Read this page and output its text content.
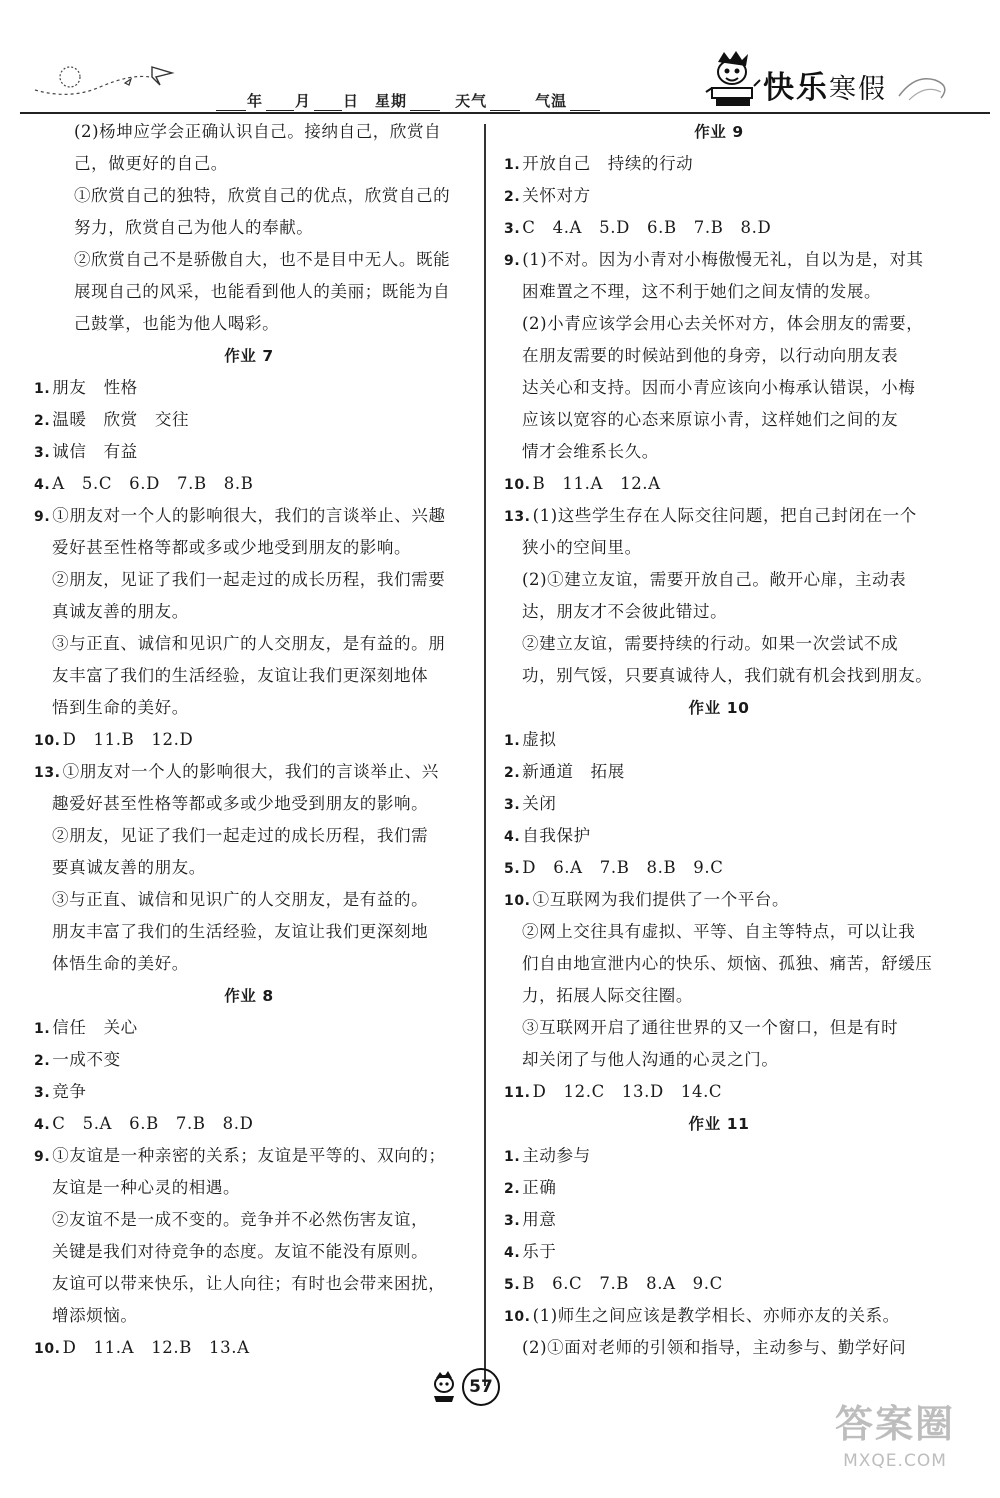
年 月 日 星期	天气	气温	快乐寒假
(2)杨坤应学会正确认识自己。接纳自己，欣赏自
己，做更好的自己。
①欣赏自己的独特，欣赏自己的优点，欣赏自己的
努力，欣赏自己为他人的奉献。
②欣赏自己不是骄傲自大，也不是目中无人。既能
展现自己的风采，也能看到他人的美丽；既能为自
己鼓掌，也能为他人喝彩。
作业 7
1. 朋友　性格
2. 温暖　欣赏　交往
3. 诚信　有益
4. A　5.C　6.D　7.B　8.B
9. ①朋友对一个人的影响很大，我们的言谈举止、兴趣
爱好甚至性格等都或多或少地受到朋友的影响。
②朋友，见证了我们一起走过的成长历程，我们需要
真诚友善的朋友。
③与正直、诚信和见识广的人交朋友，是有益的。朋
友丰富了我们的生活经验，友谊让我们更深刻地体
悟到生命的美好。
10. D　11.B　12.D
13. ①朋友对一个人的影响很大，我们的言谈举止、兴
趣爱好甚至性格等都或多或少地受到朋友的影响。
②朋友，见证了我们一起走过的成长历程，我们需
要真诚友善的朋友。
③与正直、诚信和见识广的人交朋友，是有益的。
朋友丰富了我们的生活经验，友谊让我们更深刻地
体悟生命的美好。
作业 8
1. 信任　关心
2. 一成不变
3. 竞争
4. C　5.A　6.B　7.B　8.D
9. ①友谊是一种亲密的关系；友谊是平等的、双向的；
友谊是一种心灵的相遇。
②友谊不是一成不变的。竞争并不必然伤害友谊，
关键是我们对待竞争的态度。友谊不能没有原则。
友谊可以带来快乐，让人向往；有时也会带来困扰，
增添烦恼。
10. D　11.A　12.B　13.A
作业 9
1. 开放自己　持续的行动
2. 关怀对方
3. C　4.A　5.D　6.B　7.B　8.D
9. (1)不对。因为小青对小梅傲慢无礼，自以为是，对其
困难置之不理，这不利于她们之间友情的发展。
(2)小青应该学会用心去关怀对方，体会朋友的需要，
在朋友需要的时候站到他的身旁，以行动向朋友表
达关心和支持。因而小青应该向小梅承认错误，小梅
应该以宽容的心态来原谅小青，这样她们之间的友
情才会维系长久。
10. B　11.A　12.A
13. (1)这些学生存在人际交往问题，把自己封闭在一个
狭小的空间里。
(2)①建立友谊，需要开放自己。敞开心扉，主动表
达，朋友才不会彼此错过。
②建立友谊，需要持续的行动。如果一次尝试不成
功，别气馁，只要真诚待人，我们就有机会找到朋友。
作业 10
1. 虚拟
2. 新通道　拓展
3. 关闭
4. 自我保护
5. D　6.A　7.B　8.B　9.C
10. ①互联网为我们提供了一个平台。
②网上交往具有虚拟、平等、自主等特点，可以让我
们自由地宣泄内心的快乐、烦恼、孤独、痛苦，舒缓压
力，拓展人际交往圈。
③互联网开启了通往世界的又一个窗口，但是有时
却关闭了与他人沟通的心灵之门。
11. D　12.C　13.D　14.C
作业 11
1. 主动参与
2. 正确
3. 用意
4. 乐于
5. B　6.C　7.B　8.A　9.C
10. (1)师生之间应该是教学相长、亦师亦友的关系。
(2)①面对老师的引领和指导，主动参与、勤学好问
57
答案圈
MXQE.COM
